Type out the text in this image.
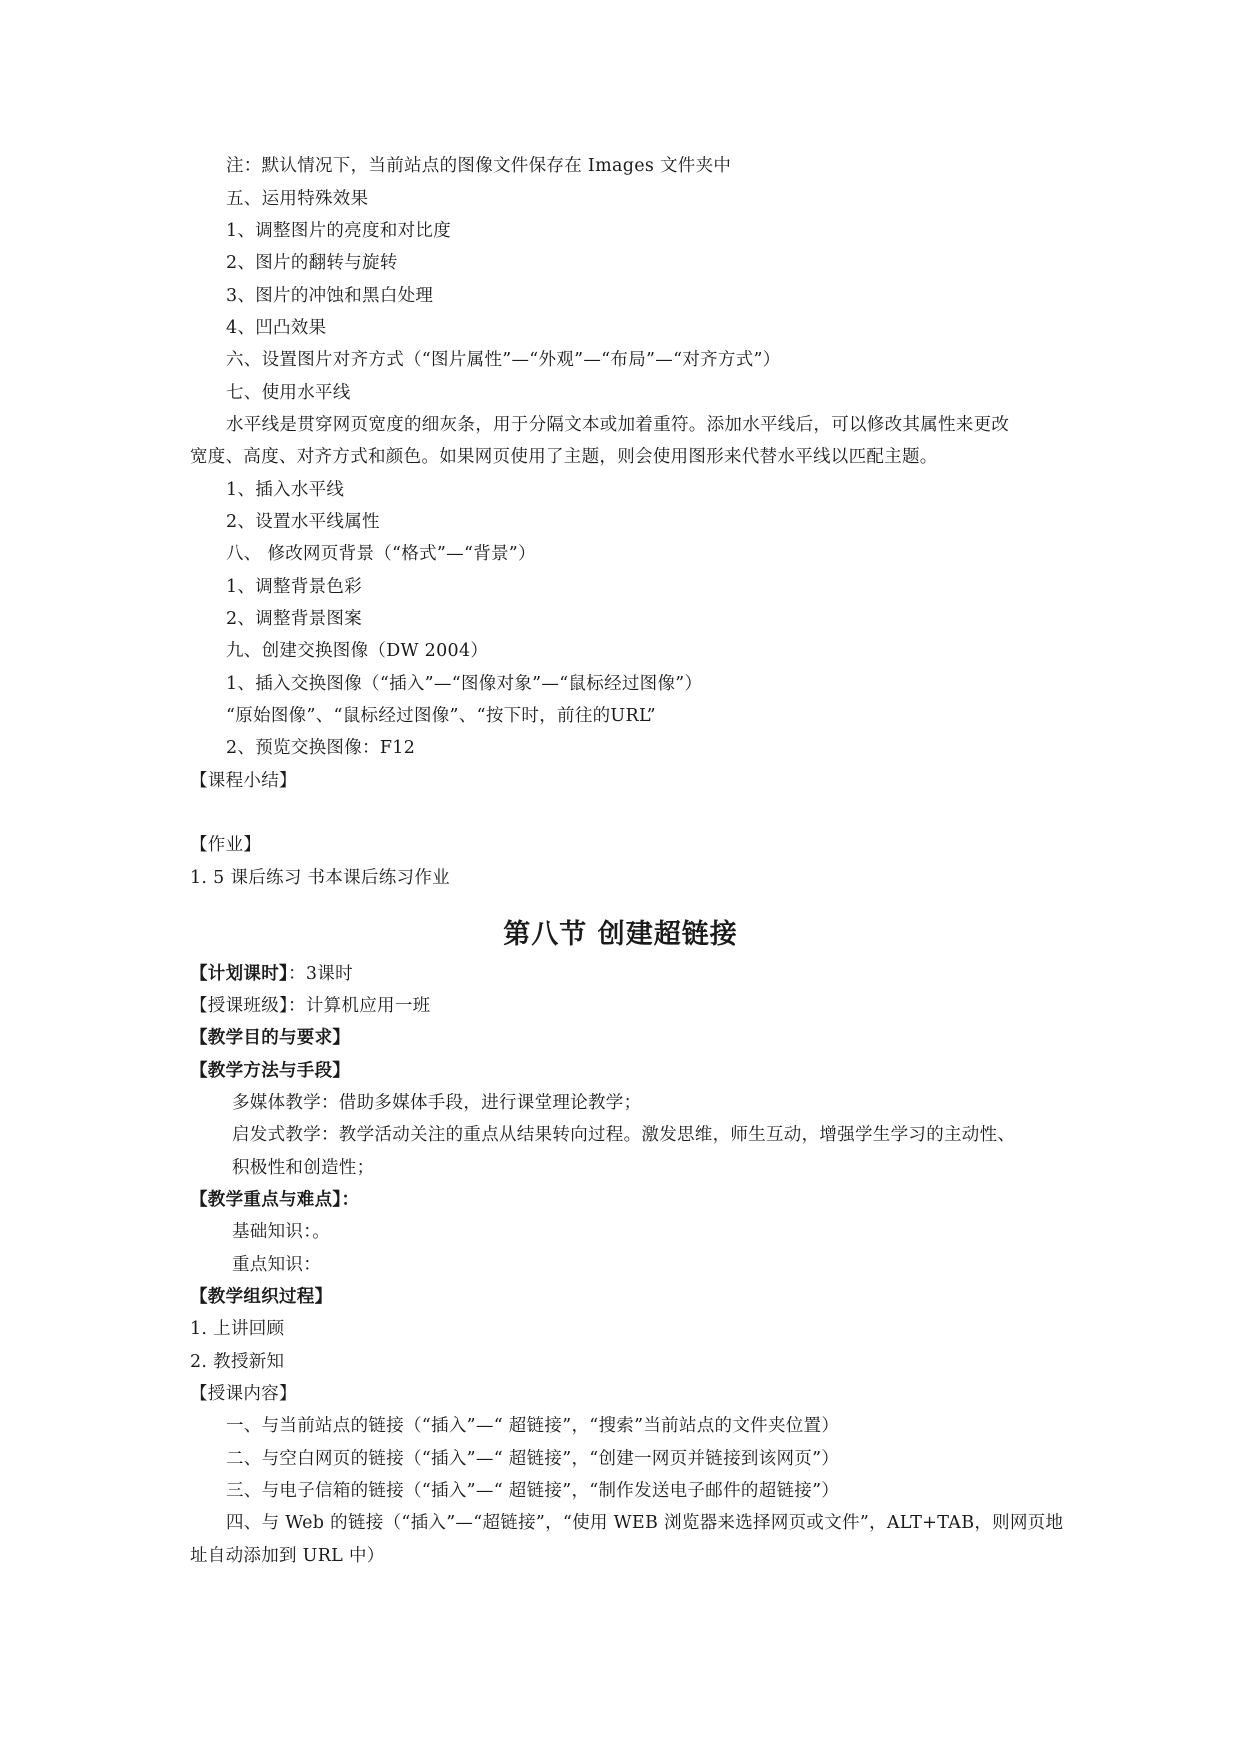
注：默认情况下，当前站点的图像文件保存在 Images 文件夹中
五、运用特殊效果
1、调整图片的亮度和对比度
2、图片的翻转与旋转
3、图片的冲蚀和黑白处理
4、凹凸效果
六、设置图片对齐方式（“图片属性”—“外观”—“布局”—“对齐方式”）
七、使用水平线
水平线是贯穿网页宽度的细灰条，用于分隔文本或加着重符。添加水平线后，可以修改其属性来更改
宽度、高度、对齐方式和颜色。如果网页使用了主题，则会使用图形来代替水平线以匹配主题。
1、插入水平线
2、设置水平线属性
八、 修改网页背景（“格式”—“背景”）
1、调整背景色彩
2、调整背景图案
九、创建交换图像（DW 2004）
1、插入交换图像（“插入”—“图像对象”—“鼠标经过图像”）
“原始图像”、“鼠标经过图像”、“按下时，前往的URL”
2、预览交换图像：F12
【课程小结】
【作业】
1. 5 课后练习 书本课后练习作业
第八节 创建超链接
【计划课时】：3课时
【授课班级】：计算机应用一班
【教学目的与要求】
【教学方法与手段】
多媒体教学：借助多媒体手段，进行课堂理论教学；
启发式教学：教学活动关注的重点从结果转向过程。激发思维，师生互动，增强学生学习的主动性、
积极性和创造性；
【教学重点与难点】：
基础知识：。
重点知识：
【教学组织过程】
1. 上讲回顾
2. 教授新知
【授课内容】
一、与当前站点的链接（“插入”—“ 超链接”，“搜索”当前站点的文件夹位置）
二、与空白网页的链接（“插入”—“ 超链接”，“创建一网页并链接到该网页”）
三、与电子信箱的链接（“插入”—“ 超链接”，“制作发送电子邮件的超链接”）
四、与 Web 的链接（“插入”—“超链接”，“使用 WEB 浏览器来选择网页或文件”，ALT+TAB，则网页地
址自动添加到 URL 中）
